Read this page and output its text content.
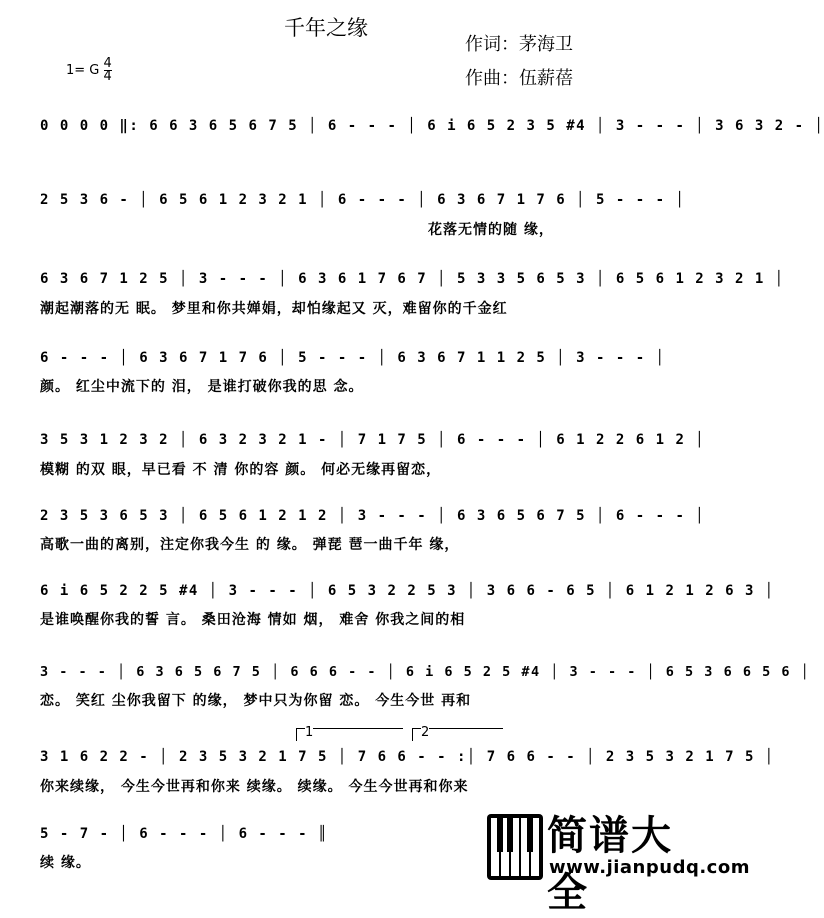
千年之缘
作词：茅海卫
作曲：伍薪蓓
1= G $\frac{4}{4}$
0 0 0 0 ‖: 6 6 3 6 5 6 7 5 │ 6 - - - │ 6 i 6 5 2 3 5 #4 │ 3 - - - │ 3 6 3 2 - │
2 5 3 6 - │ 6 5 6 1 2 3 2 1 │ 6 - - - │ 6 3 6 7 1 7 6 │ 5 - - - │
花落无情的随 缘，
6 3 6 7 1 2 5 │ 3 - - - │ 6 3 6 1 7 6 7 │ 5 3 3 5 6 5 3 │ 6 5 6 1 2 3 2 1 │
潮起潮落的无 眠。 梦里和你共婵娟，却怕缘起又 灭，难留你的千金红
6 - - - │ 6 3 6 7 1 7 6 │ 5 - - - │ 6 3 6 7 1 1 2 5 │ 3 - - - │
颜。 红尘中流下的 泪， 是谁打破你我的思 念。
3 5 3 1 2 3 2 │ 6 3 2 3 2 1 - │ 7 1 7 5 │ 6 - - - │ 6 1 2 2 6 1 2 │
模糊 的双 眼，早已看 不 清 你的容 颜。 何必无缘再留恋，
2 3 5 3 6 5 3 │ 6 5 6 1 2 1 2 │ 3 - - - │ 6 3 6 5 6 7 5 │ 6 - - - │
高歌一曲的离别，注定你我今生 的 缘。 弹琵 琶一曲千年 缘，
6 i 6 5 2 2 5 #4 │ 3 - - - │ 6 5 3 2 2 5 3 │ 3 6 6 - 6 5 │ 6 1 2 1 2 6 3 │
是谁唤醒你我的誓 言。 桑田沧海 情如 烟， 难舍 你我之间的相
3 - - - │ 6 3 6 5 6 7 5 │ 6 6 6 - - │ 6 i 6 5 2 5 #4 │ 3 - - - │ 6 5 3 6 6 5 6 │
恋。 笑红 尘你我留下 的缘， 梦中只为你留 恋。 今生今世 再和
3 1 6 2 2 - │ 2 3 5 3 2 1 7 5 │ 7 6 6 - - :│ 7 6 6 - - │ 2 3 5 3 2 1 7 5 │
你来续缘， 今生今世再和你来 续缘。 续缘。 今生今世再和你来
5 - 7 - │ 6 - - - │ 6 - - - ║
续 缘。
1	2
简谱大全
www.jianpudq.com
